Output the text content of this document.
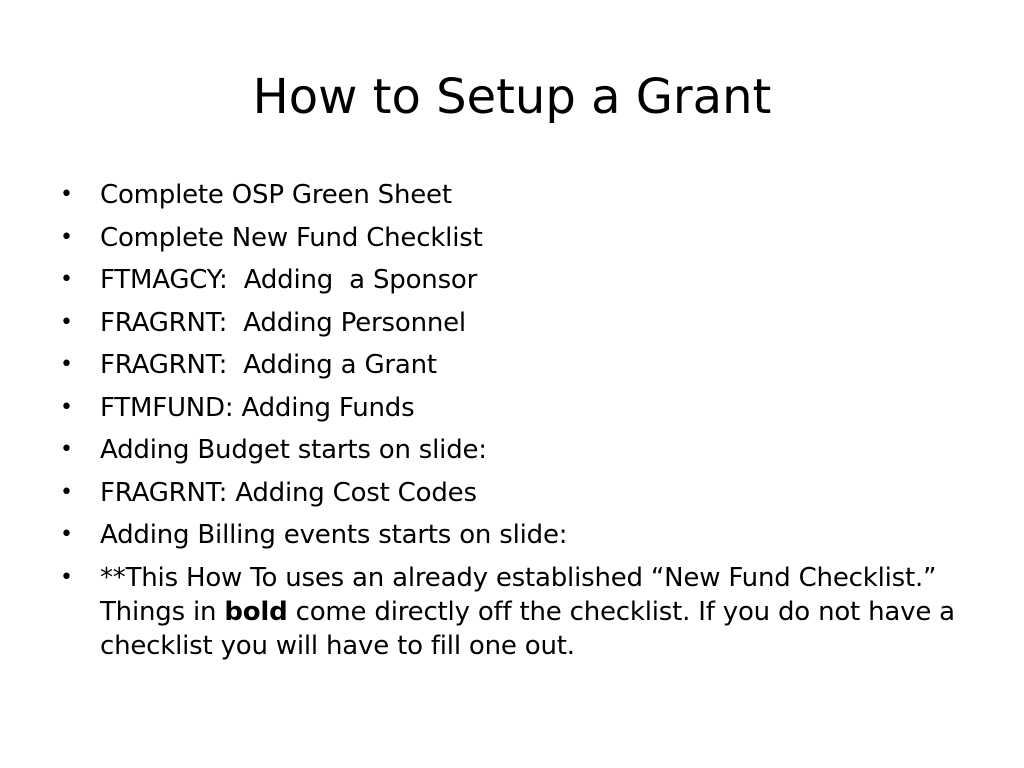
How to Setup a Grant
• Complete OSP Green Sheet
• Complete New Fund Checklist
• FTMAGCY:  Adding  a Sponsor
• FRAGRNT:  Adding Personnel
• FRAGRNT:  Adding a Grant
• FTMFUND: Adding Funds
• Adding Budget starts on slide:
• FRAGRNT: Adding Cost Codes
• Adding Billing events starts on slide:
• **This How To uses an already established “New Fund Checklist.” Things in bold come directly off the checklist. If you do not have a checklist you will have to fill one out.
